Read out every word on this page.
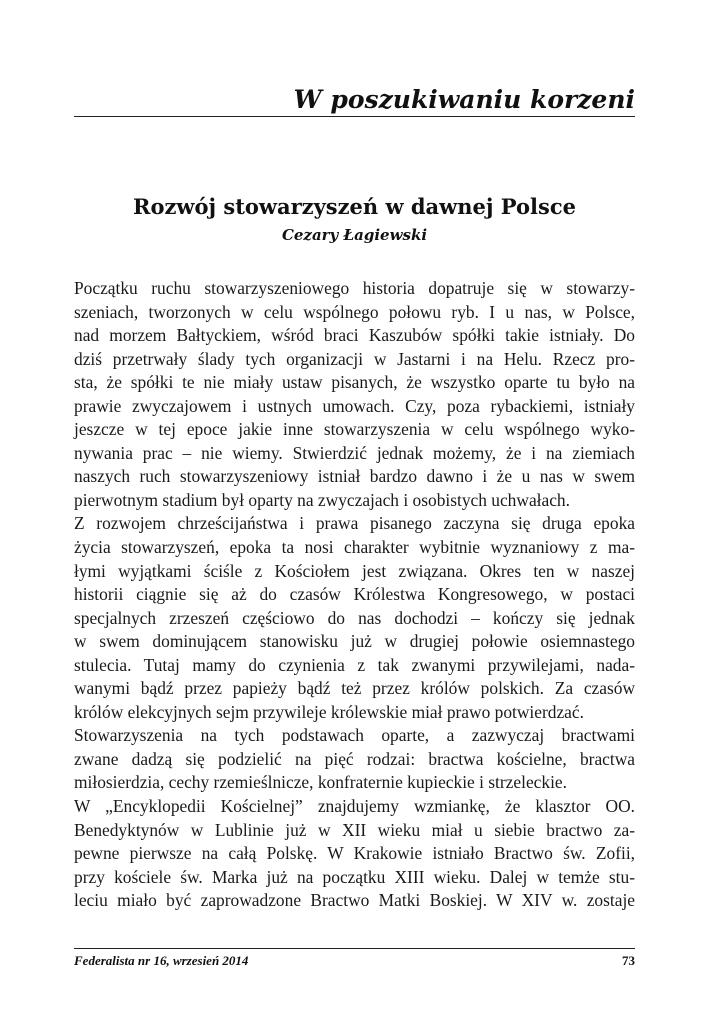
W poszukiwaniu korzeni
Rozwój stowarzyszeń w dawnej Polsce
Cezary Łagiewski
Początku ruchu stowarzyszeniowego historia dopatruje się w stowarzy-
szeniach, tworzonych w celu wspólnego połowu ryb. I u nas, w Polsce,
nad morzem Bałtyckiem, wśród braci Kaszubów spółki takie istniały. Do
dziś przetrwały ślady tych organizacji w Jastarni i na Helu. Rzecz pro-
sta, że spółki te nie miały ustaw pisanych, że wszystko oparte tu było na
prawie zwyczajowem i ustnych umowach. Czy, poza rybackiemi, istniały
jeszcze w tej epoce jakie inne stowarzyszenia w celu wspólnego wyko-
nywania prac – nie wiemy. Stwierdzić jednak możemy, że i na ziemiach
naszych ruch stowarzyszeniowy istniał bardzo dawno i że u nas w swem
pierwotnym stadium był oparty na zwyczajach i osobistych uchwałach.
Z rozwojem chrześcijaństwa i prawa pisanego zaczyna się druga epoka
życia stowarzyszeń, epoka ta nosi charakter wybitnie wyznaniowy z ma-
łymi wyjątkami ściśle z Kościołem jest związana. Okres ten w naszej
historii ciągnie się aż do czasów Królestwa Kongresowego, w postaci
specjalnych zrzeszeń częściowo do nas dochodzi – kończy się jednak
w swem dominującem stanowisku już w drugiej połowie osiemnastego
stulecia. Tutaj mamy do czynienia z tak zwanymi przywilejami, nada-
wanymi bądź przez papieży bądź też przez królów polskich. Za czasów
królów elekcyjnych sejm przywileje królewskie miał prawo potwierdzać.
Stowarzyszenia na tych podstawach oparte, a zazwyczaj bractwami
zwane dadzą się podzielić na pięć rodzai: bractwa kościelne, bractwa
miłosierdzia, cechy rzemieślnicze, konfraternie kupieckie i strzeleckie.
W „Encyklopedii Kościelnej” znajdujemy wzmiankę, że klasztor OO.
Benedyktynów w Lublinie już w XII wieku miał u siebie bractwo za-
pewne pierwsze na całą Polskę. W Krakowie istniało Bractwo św. Zofii,
przy kościele św. Marka już na początku XIII wieku. Dalej w temże stu-
leciu miało być zaprowadzone Bractwo Matki Boskiej. W XIV w. zostaje
Federalista nr 16, wrzesień 2014	73
